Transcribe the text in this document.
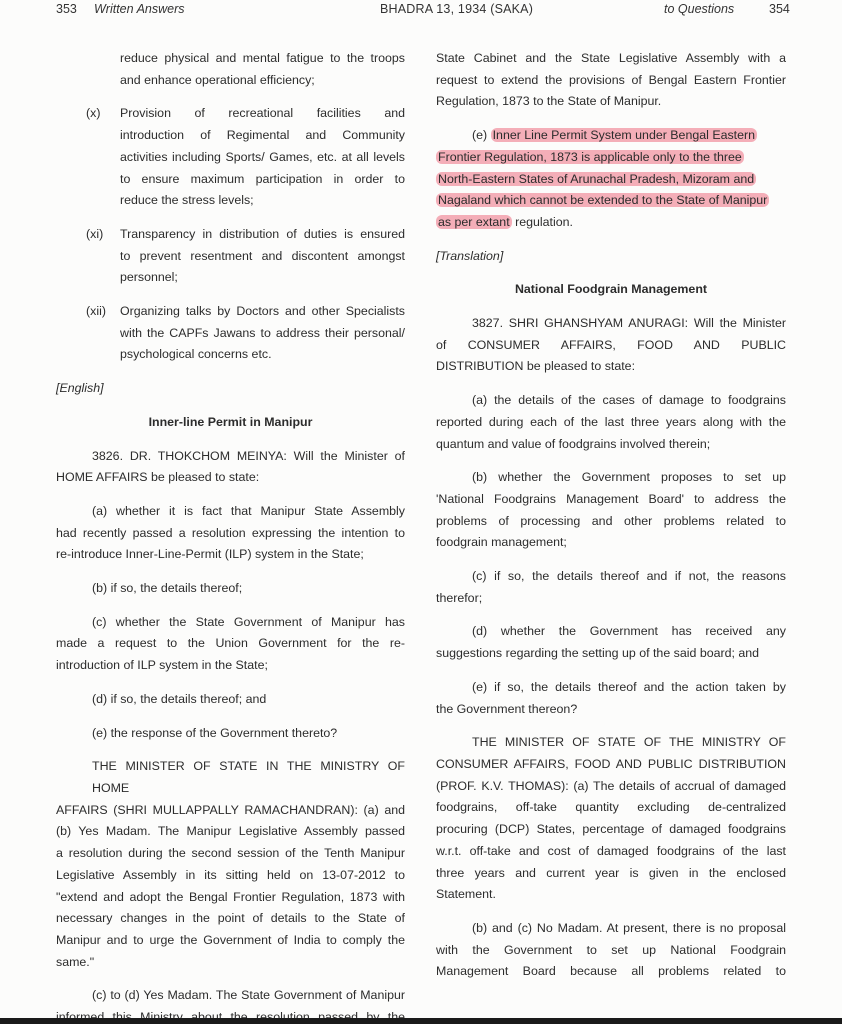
353 Written Answers	BHADRA 13, 1934 (SAKA)	to Questions	354

reduce physical and mental fatigue to the troops

and enhance operational efficiency;

(x) Provision of recreational facilities and

introduction of Regimental and Community

activities including Sports/ Games, etc. at all levels

to ensure maximum participation in order to

reduce the stress levels;

(xi) Transparency in distribution of duties is ensured

to prevent resentment and discontent amongst

personnel;

(xii) Organizing talks by Doctors and other Specialists

with the CAPFs Jawans to address their personal/

psychological concerns etc.

[English]

Inner-line Permit in Manipur

3826. DR. THOKCHOM MEINYA: Will the Minister of

HOME AFFAIRS be pleased to state:

(a) whether it is fact that Manipur State Assembly

had recently passed a resolution expressing the intention to

re-introduce Inner-Line-Permit (ILP) system in the State;

(b) if so, the details thereof;

(c) whether the State Government of Manipur has

made a request to the Union Government for the re-

introduction of ILP system in the State;

(d) if so, the details thereof; and

(e) the response of the Government thereto?

THE MINISTER OF STATE IN THE MINISTRY OF HOME

AFFAIRS (SHRI MULLAPPALLY RAMACHANDRAN): (a) and

(b) Yes Madam. The Manipur Legislative Assembly passed

a resolution during the second session of the Tenth Manipur

Legislative Assembly in its sitting held on 13-07-2012 to

"extend and adopt the Bengal Frontier Regulation, 1873 with

necessary changes in the point of details to the State of

Manipur and to urge the Government of India to comply the

same."

(c) to (d) Yes Madam. The State Government of Manipur

State Cabinet and the State Legislative Assembly with a

request to extend the provisions of Bengal Eastern Frontier

Regulation, 1873 to the State of Manipur.

(e) Inner Line Permit System under Bengal Eastern

Frontier Regulation, 1873 is applicable only to the three

North-Eastern States of Arunachal Pradesh, Mizoram and

Nagaland which cannot be extended to the State of Manipur

as per extant regulation.

[Translation]

National Foodgrain Management

3827. SHRI GHANSHYAM ANURAGI: Will the Minister

of CONSUMER AFFAIRS, FOOD AND PUBLIC

DISTRIBUTION be pleased to state:

(a) the details of the cases of damage to foodgrains

reported during each of the last three years along with the

quantum and value of foodgrains involved therein;

(b) whether the Government proposes to set up

'National Foodgrains Management Board' to address the

problems of processing and other problems related to

foodgrain management;

(c) if so, the details thereof and if not, the reasons

therefor;

(d) whether the Government has received any

suggestions regarding the setting up of the said board; and

(e) if so, the details thereof and the action taken by

the Government thereon?

THE MINISTER OF STATE OF THE MINISTRY OF

CONSUMER AFFAIRS, FOOD AND PUBLIC DISTRIBUTION

(PROF. K.V. THOMAS): (a) The details of accrual of damaged

foodgrains, off-take quantity excluding de-centralized

procuring (DCP) States, percentage of damaged foodgrains

w.r.t. off-take and cost of damaged foodgrains of the last

three years and current year is given in the enclosed

Statement.

(b) and (c) No Madam. At present, there is no proposal

with the Government to set up National Foodgrain

Management Board because all problems related to
